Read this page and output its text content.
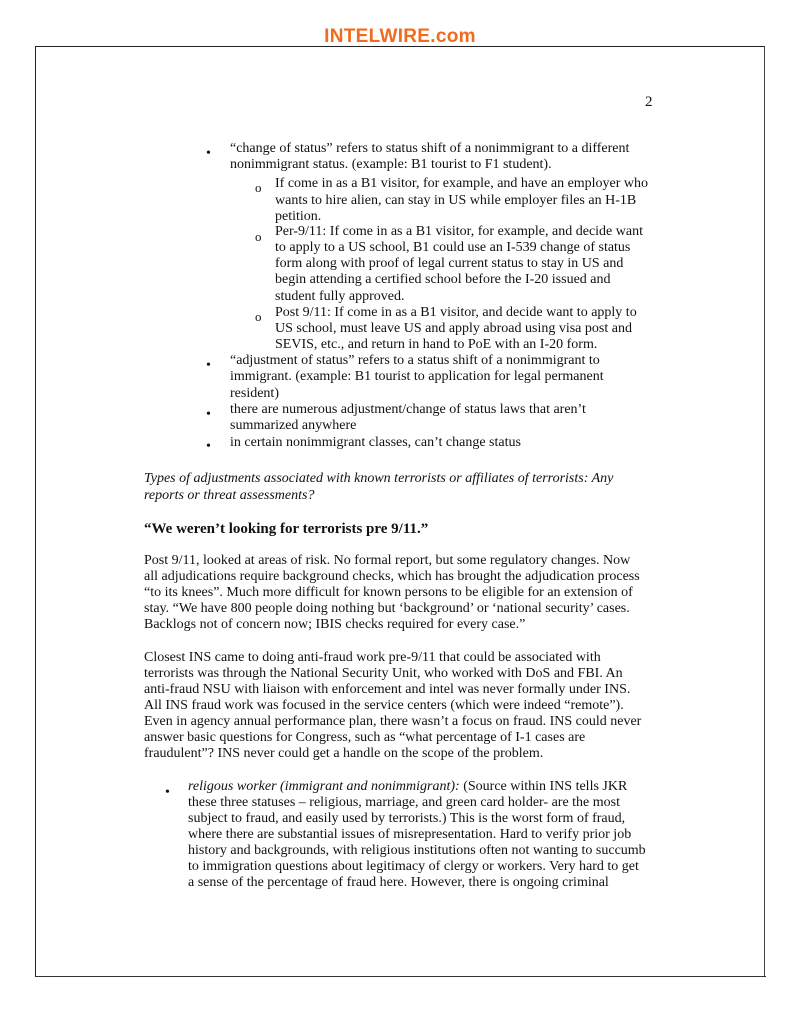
INTELWIRE.com
2
• “change of status” refers to status shift of a nonimmigrant to a different
nonimmigrant status. (example: B1 tourist to F1 student).
o If come in as a B1 visitor, for example, and have an employer who
wants to hire alien, can stay in US while employer files an H-1B
petition.
o Per-9/11: If come in as a B1 visitor, for example, and decide want
to apply to a US school, B1 could use an I-539 change of status
form along with proof of legal current status to stay in US and
begin attending a certified school before the I-20 issued and
student fully approved.
o Post 9/11: If come in as a B1 visitor, and decide want to apply to
US school, must leave US and apply abroad using visa post and
SEVIS, etc., and return in hand to PoE with an I-20 form.
• “adjustment of status” refers to a status shift of a nonimmigrant to
immigrant. (example: B1 tourist to application for legal permanent
resident)
• there are numerous adjustment/change of status laws that aren’t
summarized anywhere
• in certain nonimmigrant classes, can’t change status
Types of adjustments associated with known terrorists or affiliates of terrorists: Any
reports or threat assessments?
“We weren’t looking for terrorists pre 9/11.”
Post 9/11, looked at areas of risk. No formal report, but some regulatory changes. Now
all adjudications require background checks, which has brought the adjudication process
“to its knees”. Much more difficult for known persons to be eligible for an extension of
stay. “We have 800 people doing nothing but ‘background’ or ‘national security’ cases.
Backlogs not of concern now; IBIS checks required for every case.”
Closest INS came to doing anti-fraud work pre-9/11 that could be associated with
terrorists was through the National Security Unit, who worked with DoS and FBI. An
anti-fraud NSU with liaison with enforcement and intel was never formally under INS.
All INS fraud work was focused in the service centers (which were indeed “remote”).
Even in agency annual performance plan, there wasn’t a focus on fraud. INS could never
answer basic questions for Congress, such as “what percentage of I-1 cases are
fraudulent”? INS never could get a handle on the scope of the problem.
• religous worker (immigrant and nonimmigrant): (Source within INS tells JKR
these three statuses – religious, marriage, and green card holder- are the most
subject to fraud, and easily used by terrorists.) This is the worst form of fraud,
where there are substantial issues of misrepresentation. Hard to verify prior job
history and backgrounds, with religious institutions often not wanting to succumb
to immigration questions about legitimacy of clergy or workers. Very hard to get
a sense of the percentage of fraud here. However, there is ongoing criminal
